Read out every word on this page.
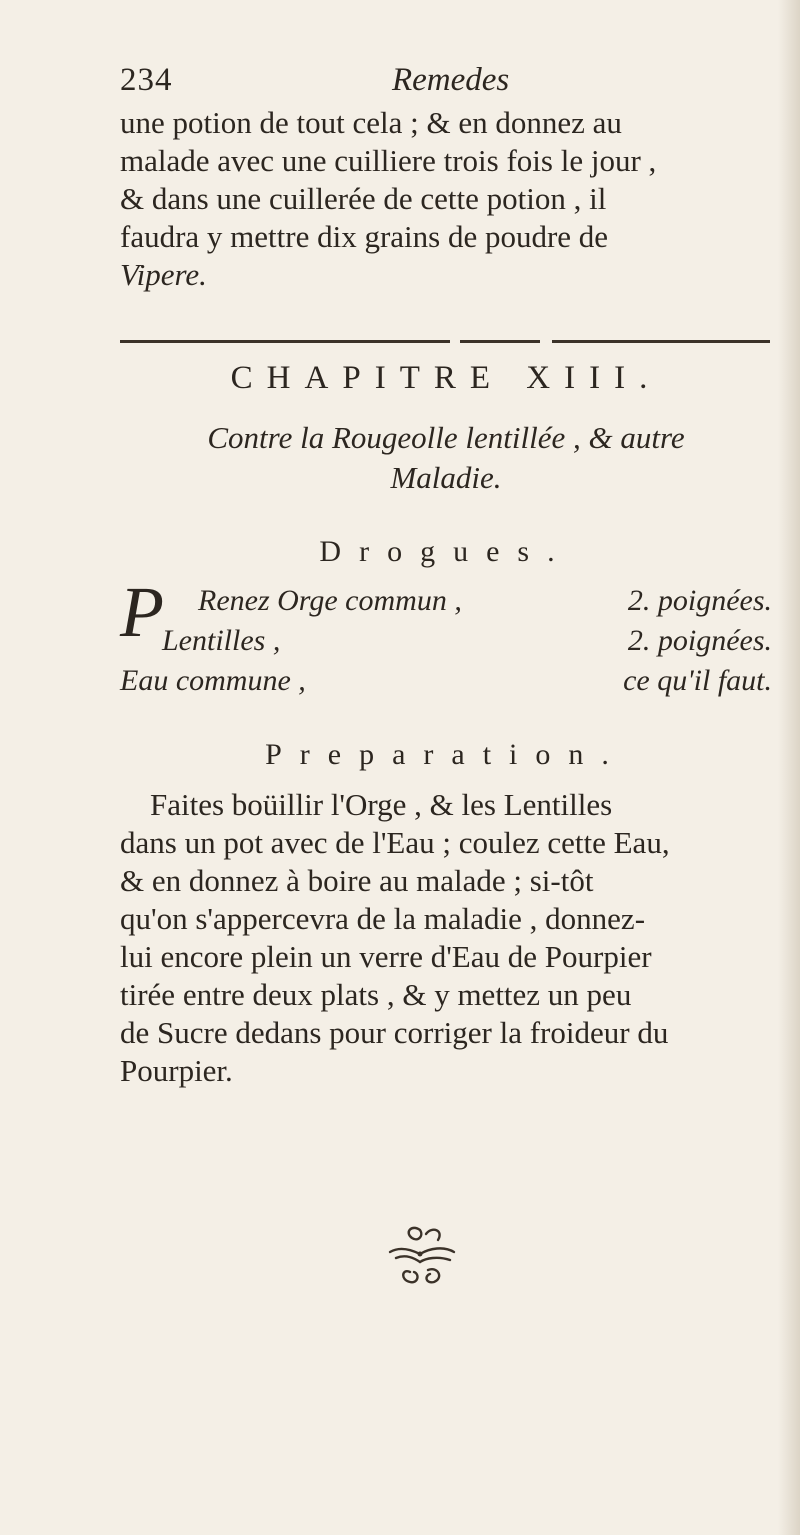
234	Remedes
une potion de tout cela ; & en donnez au
malade avec une cuilliere trois fois le jour ,
& dans une cuillerée de cette potion , il
faudra y mettre dix grains de poudre de
Vipere.
CHAPITRE XIII.
Contre la Rougeolle lentillée , & autre
Maladie.
Drogues.
P Renez Orge commun ,	2. poignées.
Lentilles ,	2. poignées.
Eau commune ,	ce qu'il faut.
Preparation.
Faites boüillir l'Orge , & les Lentilles
dans un pot avec de l'Eau ; coulez cette Eau,
& en donnez à boire au malade ; si-tôt
qu'on s'appercevra de la maladie , donnez-
lui encore plein un verre d'Eau de Pourpier
tirée entre deux plats , & y mettez un peu
de Sucre dedans pour corriger la froideur du
Pourpier.
